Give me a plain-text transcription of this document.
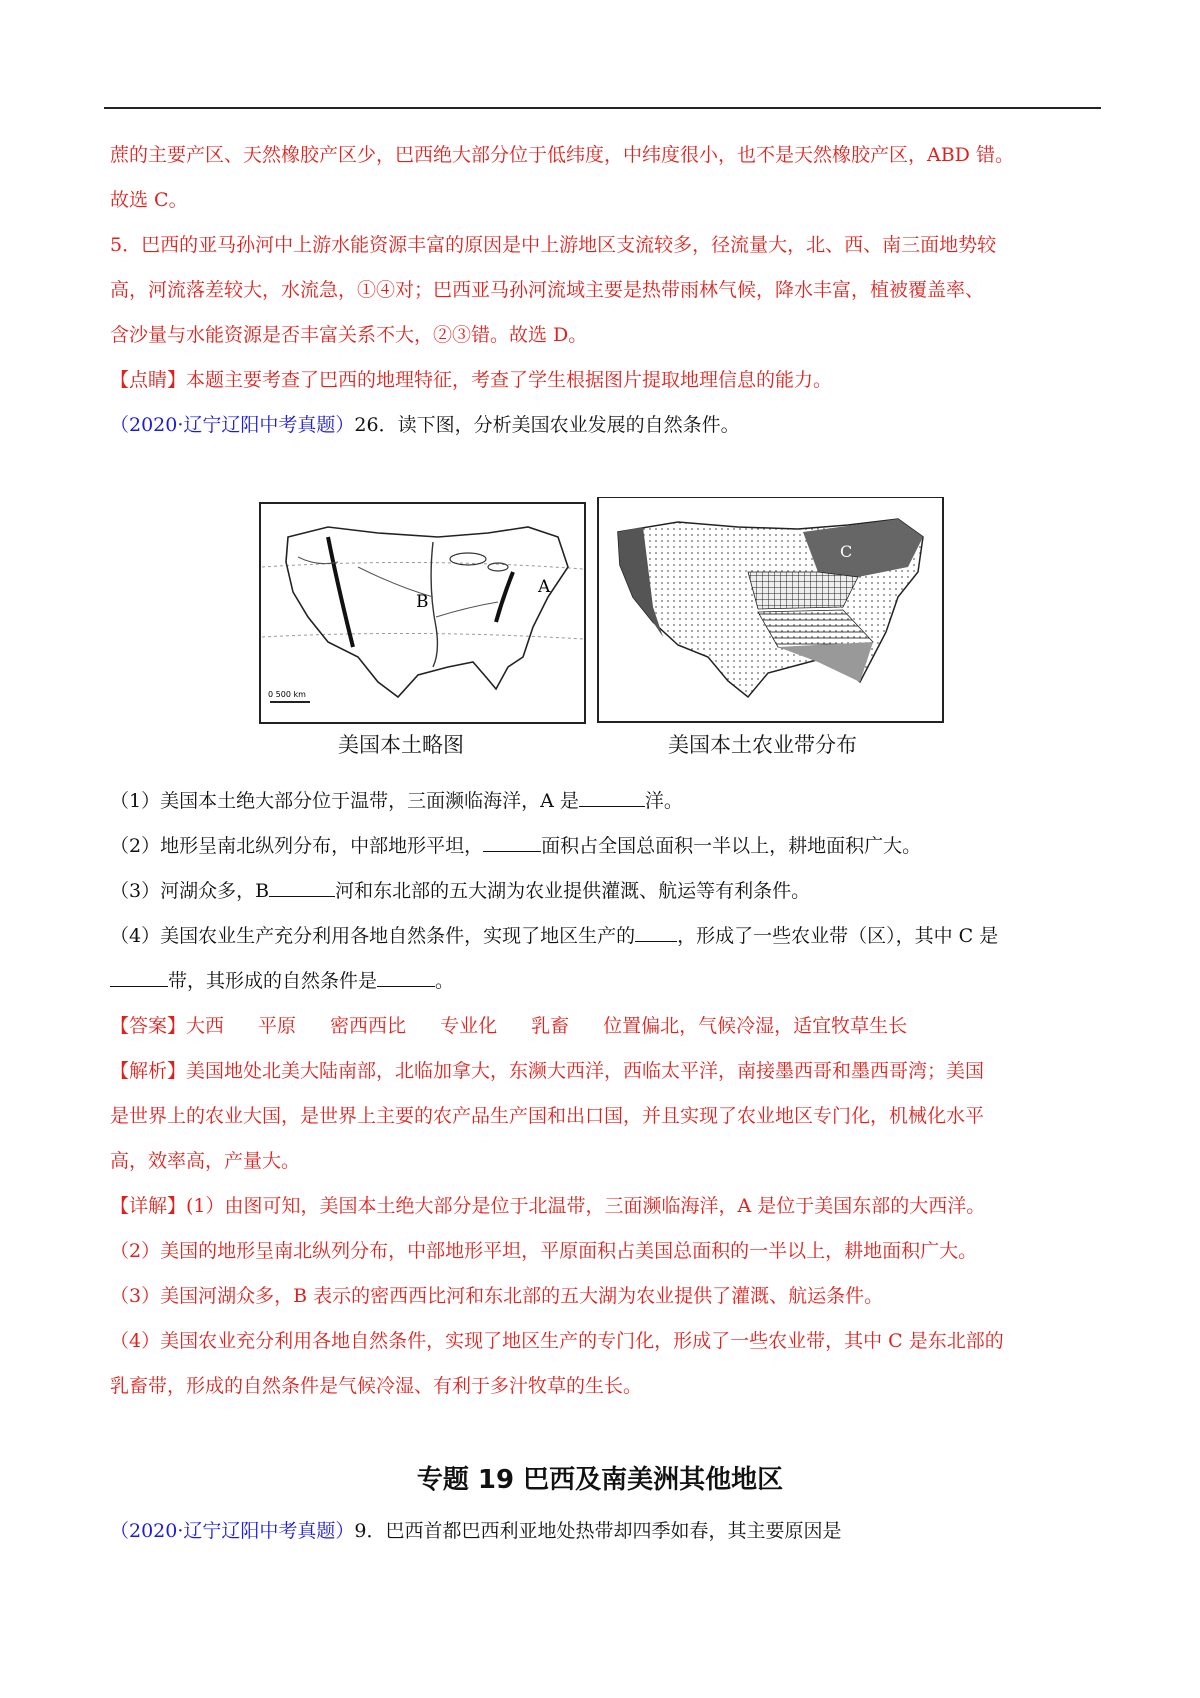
蔗的主要产区、天然橡胶产区少，巴西绝大部分位于低纬度，中纬度很小，也不是天然橡胶产区，ABD 错。
故选 C。
5．巴西的亚马孙河中上游水能资源丰富的原因是中上游地区支流较多，径流量大，北、西、南三面地势较
高，河流落差较大，水流急，①④对；巴西亚马孙河流域主要是热带雨林气候，降水丰富，植被覆盖率、
含沙量与水能资源是否丰富关系不大，②③错。故选 D。
【点睛】本题主要考查了巴西的地理特征，考查了学生根据图片提取地理信息的能力。
（2020·辽宁辽阳中考真题）26．读下图，分析美国农业发展的自然条件。
0 500 km
B
A
C
美国本土略图	美国本土农业带分布
（1）美国本土绝大部分位于温带，三面濒临海洋，A 是	洋。
（2）地形呈南北纵列分布，中部地形平坦，	面积占全国总面积一半以上，耕地面积广大。
（3）河湖众多，B	河和东北部的五大湖为农业提供灌溉、航运等有利条件。
（4）美国农业生产充分利用各地自然条件，实现了地区生产的 ，形成了一些农业带（区），其中 C 是
带，其形成的自然条件是	。
【答案】大西 平原 密西西比 专业化 乳畜 位置偏北，气候冷湿，适宜牧草生长
【解析】美国地处北美大陆南部，北临加拿大，东濒大西洋，西临太平洋，南接墨西哥和墨西哥湾；美国
是世界上的农业大国，是世界上主要的农产品生产国和出口国，并且实现了农业地区专门化，机械化水平
高，效率高，产量大。
【详解】(1）由图可知，美国本土绝大部分是位于北温带，三面濒临海洋，A 是位于美国东部的大西洋。
（2）美国的地形呈南北纵列分布，中部地形平坦，平原面积占美国总面积的一半以上，耕地面积广大。
（3）美国河湖众多，B 表示的密西西比河和东北部的五大湖为农业提供了灌溉、航运条件。
（4）美国农业充分利用各地自然条件，实现了地区生产的专门化，形成了一些农业带，其中 C 是东北部的
乳畜带，形成的自然条件是气候冷湿、有利于多汁牧草的生长。
专题 19 巴西及南美洲其他地区
（2020·辽宁辽阳中考真题）9．巴西首都巴西利亚地处热带却四季如春，其主要原因是
